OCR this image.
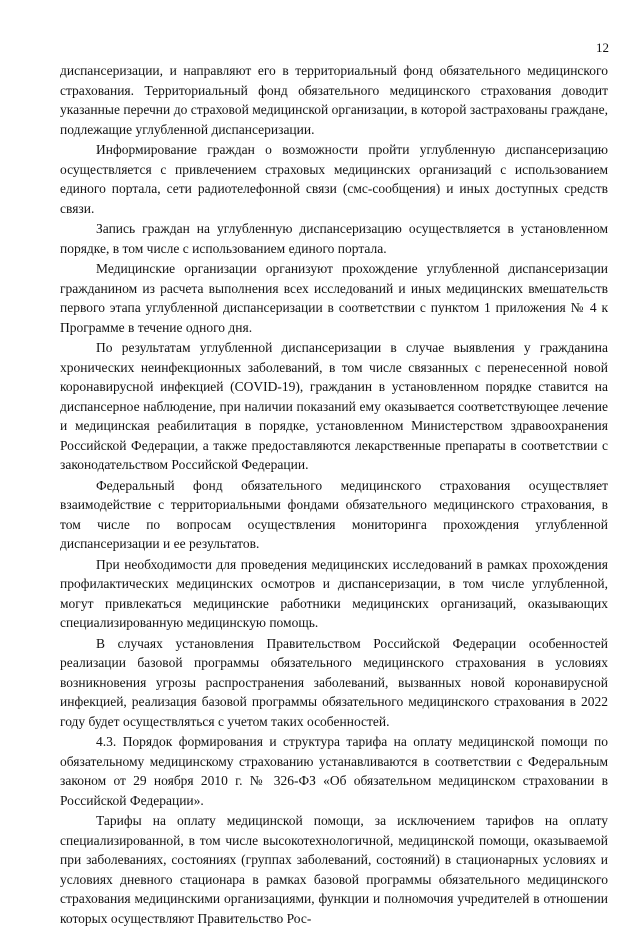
12

диспансеризации, и направляют его в территориальный фонд обязательного медицинского страхования. Территориальный фонд обязательного медицинского страхования доводит указанные перечни до страховой медицинской организации, в которой застрахованы граждане, подлежащие углубленной диспансеризации.

Информирование граждан о возможности пройти углубленную диспансеризацию осуществляется с привлечением страховых медицинских организаций с использованием единого портала, сети радиотелефонной связи (смс-сообщения) и иных доступных средств связи.

Запись граждан на углубленную диспансеризацию осуществляется в установленном порядке, в том числе с использованием единого портала.

Медицинские организации организуют прохождение углубленной диспансеризации гражданином из расчета выполнения всех исследований и иных медицинских вмешательств первого этапа углубленной диспансеризации в соответствии с пунктом 1 приложения № 4 к Программе в течение одного дня.

По результатам углубленной диспансеризации в случае выявления у гражданина хронических неинфекционных заболеваний, в том числе связанных с перенесенной новой коронавирусной инфекцией (COVID-19), гражданин в установленном порядке ставится на диспансерное наблюдение, при наличии показаний ему оказывается соответствующее лечение и медицинская реабилитация в порядке, установленном Министерством здравоохранения Российской Федерации, а также предоставляются лекарственные препараты в соответствии с законодательством Российской Федерации.

Федеральный фонд обязательного медицинского страхования осуществляет взаимодействие с территориальными фондами обязательного медицинского страхования, в том числе по вопросам осуществления мониторинга прохождения углубленной диспансеризации и ее результатов.

При необходимости для проведения медицинских исследований в рамках прохождения профилактических медицинских осмотров и диспансеризации, в том числе углубленной, могут привлекаться медицинские работники медицинских организаций, оказывающих специализированную медицинскую помощь.

В случаях установления Правительством Российской Федерации особенностей реализации базовой программы обязательного медицинского страхования в условиях возникновения угрозы распространения заболеваний, вызванных новой коронавирусной инфекцией, реализация базовой программы обязательного медицинского страхования в 2022 году будет осуществляться с учетом таких особенностей.

4.3. Порядок формирования и структура тарифа на оплату медицинской помощи по обязательному медицинскому страхованию устанавливаются в соответствии с Федеральным законом от 29 ноября 2010 г. № 326-ФЗ «Об обязательном медицинском страховании в Российской Федерации».

Тарифы на оплату медицинской помощи, за исключением тарифов на оплату специализированной, в том числе высокотехнологичной, медицинской помощи, оказываемой при заболеваниях, состояниях (группах заболеваний, состояний) в стационарных условиях и условиях дневного стационара в рамках базовой программы обязательного медицинского страхования медицинскими организациями, функции и полномочия учредителей в отношении которых осуществляют Правительство Рос-
